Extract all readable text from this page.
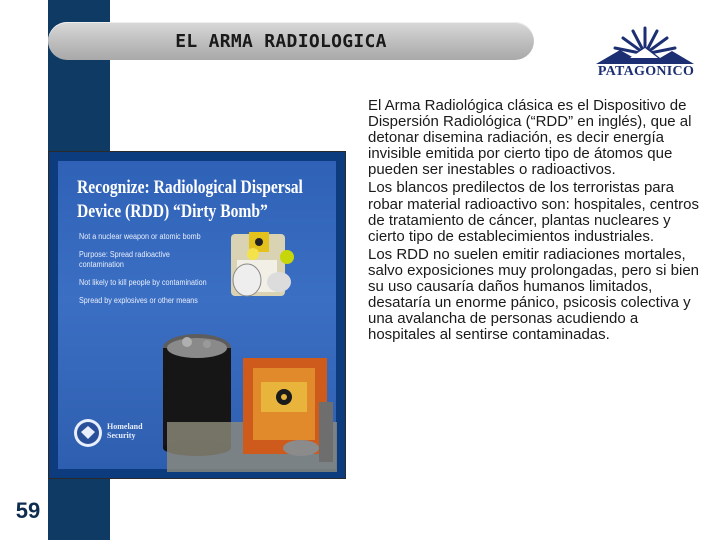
EL ARMA RADIOLOGICA
GRUPO
PATAGONICO
Recognize: Radiological Dispersal
Device (RDD) “Dirty Bomb”
Not a nuclear weapon or atomic bomb
Purpose: Spread radioactive contamination
Not likely to kill people by contamination
Spread by explosives or other means
Homeland Security
59

El Arma Radiológica clásica es el Dispositivo de Dispersión Radiológica (“RDD” en inglés), que al detonar disemina radiación, es decir energía invisible emitida por cierto tipo de átomos que pueden ser inestables o radioactivos.

Los blancos predilectos de los terroristas para robar material radioactivo son: hospitales, centros de tratamiento de cáncer, plantas nucleares y cierto tipo de establecimientos industriales.

Los RDD no suelen emitir radiaciones mortales, salvo exposiciones muy prolongadas, pero si bien su uso causaría daños humanos limitados, desataría un enorme pánico, psicosis colectiva y una avalancha de personas acudiendo a hospitales al sentirse contaminadas.
